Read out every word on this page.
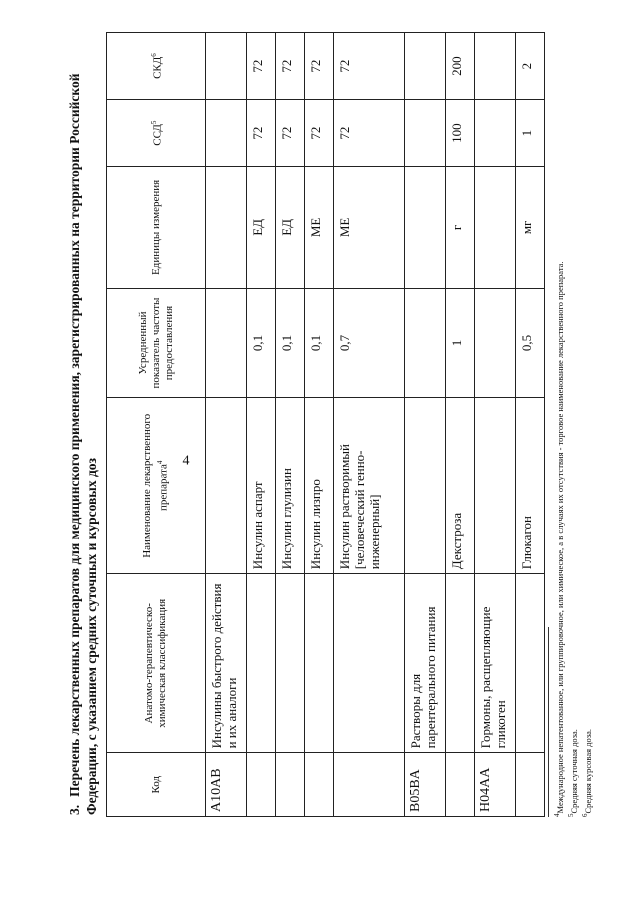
4
3.Перечень лекарственных препаратов для медицинского применения, зарегистрированных на территории Российской Федерации, с указанием средних суточных и курсовых доз	Код	Анатомо-терапевтическо-химическая классификация	Наименование лекарственного препарата$^4$	Усредненный показатель частоты предоставления	Единицы измерения	ССД$^5$	СКД$^6$
A10AB	Инсулины быстрого действия и их аналоги					
		Инсулин аспарт	0,1	ЕД	72	72
		Инсулин глулизин	0,1	ЕД	72	72
		Инсулин лизпро	0,1	МЕ	72	72
		Инсулин растворимый [человеческий генно-инженерный]	0,7	МЕ	72	72
B05BA	Растворы для парентерального питания					
		Декстроза	1	г	100	200
H04AA	Гормоны, расщепляющие гликоген					
		Глюкагон	0,5	мг	1	2
$^4$Международное непатентованное, или группировочное, или химическое, а в случаях их отсутствия - торговое наименование лекарственного препарата.
$^5$Средняя суточная доза.
$^6$Средняя курсовая доза.
